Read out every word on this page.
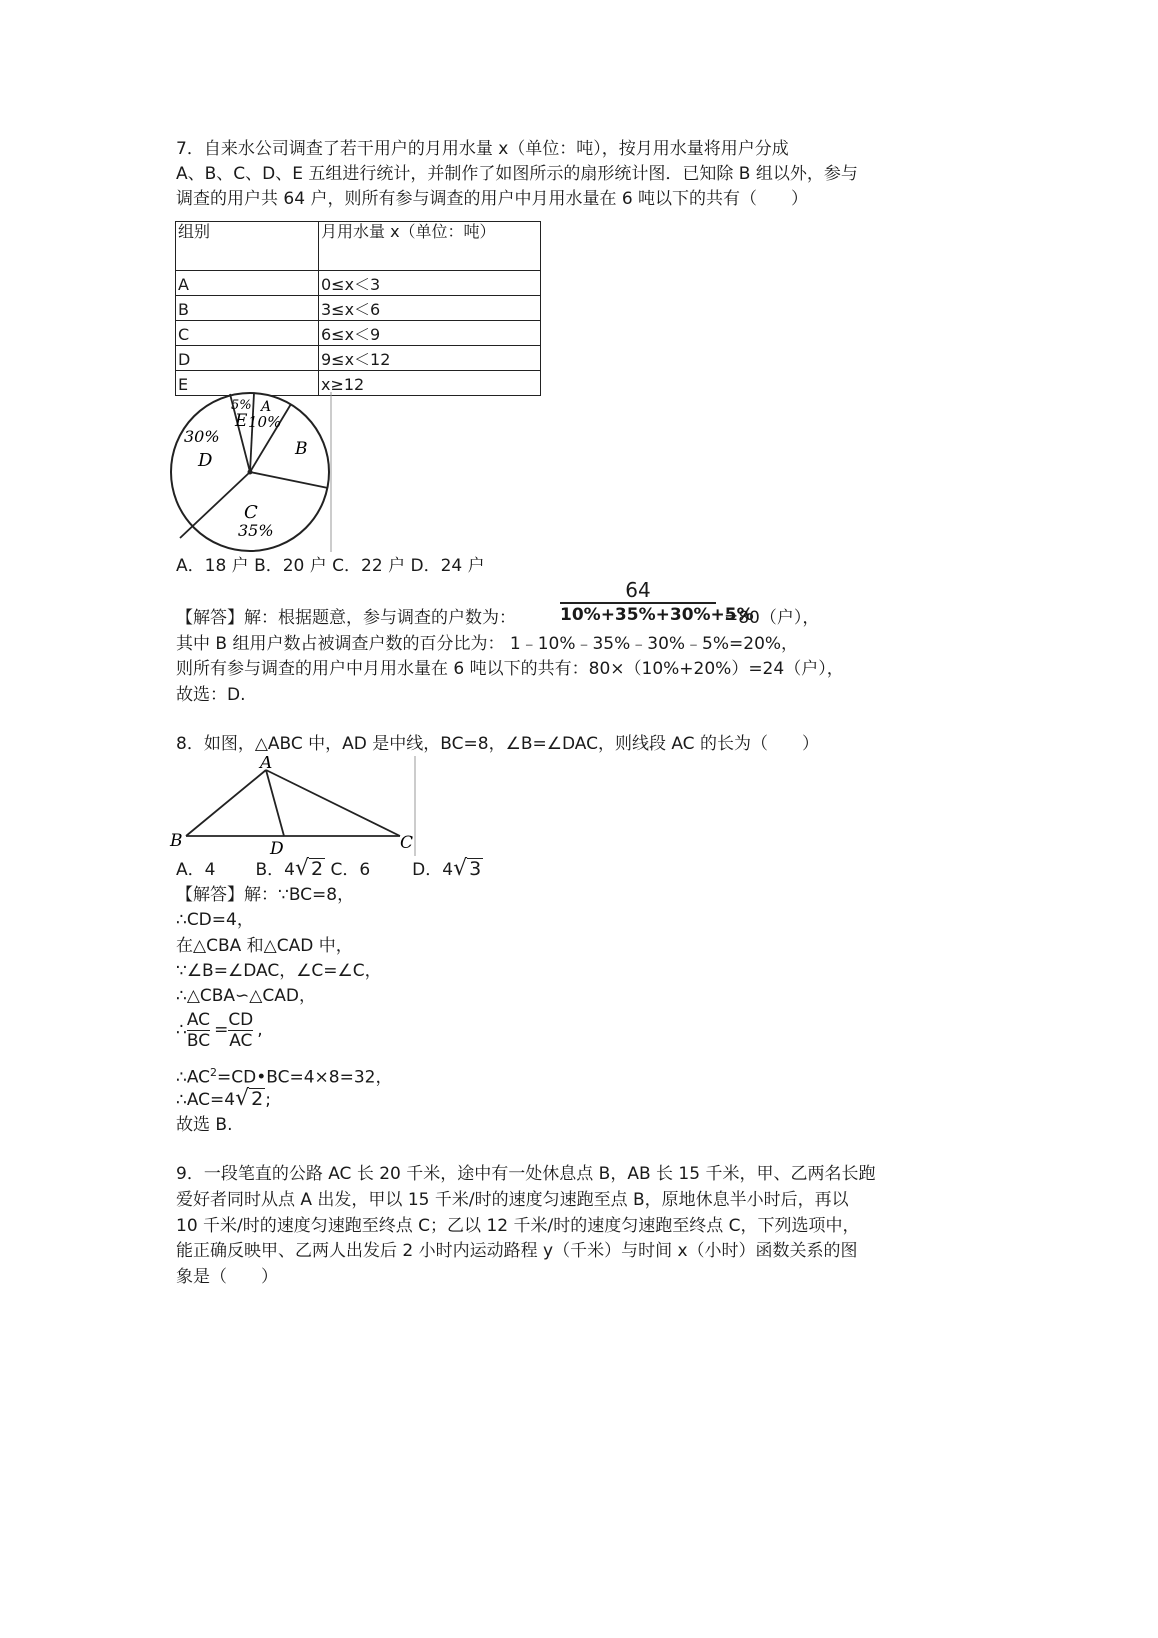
7．自来水公司调查了若干用户的月用水量 x（单位：吨），按月用水量将用户分成
A、B、C、D、E 五组进行统计，并制作了如图所示的扇形统计图．已知除 B 组以外，参与
调查的用户共 64 户，则所有参与调查的用户中月用水量在 6 吨以下的共有（　　）
组别	月用水量 x（单位：吨）
A	0≤x＜3
B	3≤x＜6
C	6≤x＜9
D	9≤x＜12
E	x≥12
5%
E
A
10%
B
30%
D
C
35%
A．18 户 B．20 户 C．22 户 D．24 户
【解答】解：根据题意，参与调查的户数为： $\frac{64}{10\%+35\%+30\%+5\%} =80$（户），
其中 B 组用户数占被调查户数的百分比为： 1﹣10%﹣35%﹣30%﹣5%=20%，
则所有参与调查的用户中月用水量在 6 吨以下的共有：80×（10%+20%）=24（户），
故选：D.
8．如图，△ABC 中，AD 是中线，BC=8，∠B=∠DAC，则线段 AC 的长为（　　）
A
B	C
D
A．4 B．4√ 2 C．6 D．4√ 3
【解答】解：∵BC=8，
∴CD=4，
在△CBA 和△CAD 中，
∵∠B=∠DAC，∠C=∠C，
∴△CBA∽△CAD，
∴ $\frac{AC}{BC} = \frac{CD}{AC}$ ,
$\therefore AC^2=CD•BC=4\times 8=32$，
∴AC=4√ 2 ;
故选 B.
9．一段笔直的公路 AC 长 20 千米，途中有一处休息点 B，AB 长 15 千米，甲、乙两名长跑
爱好者同时从点 A 出发，甲以 15 千米/时的速度匀速跑至点 B，原地休息半小时后，再以
10 千米/时的速度匀速跑至终点 C；乙以 12 千米/时的速度匀速跑至终点 C，下列选项中，
能正确反映甲、乙两人出发后 2 小时内运动路程 y（千米）与时间 x（小时）函数关系的图
象是（　　）
